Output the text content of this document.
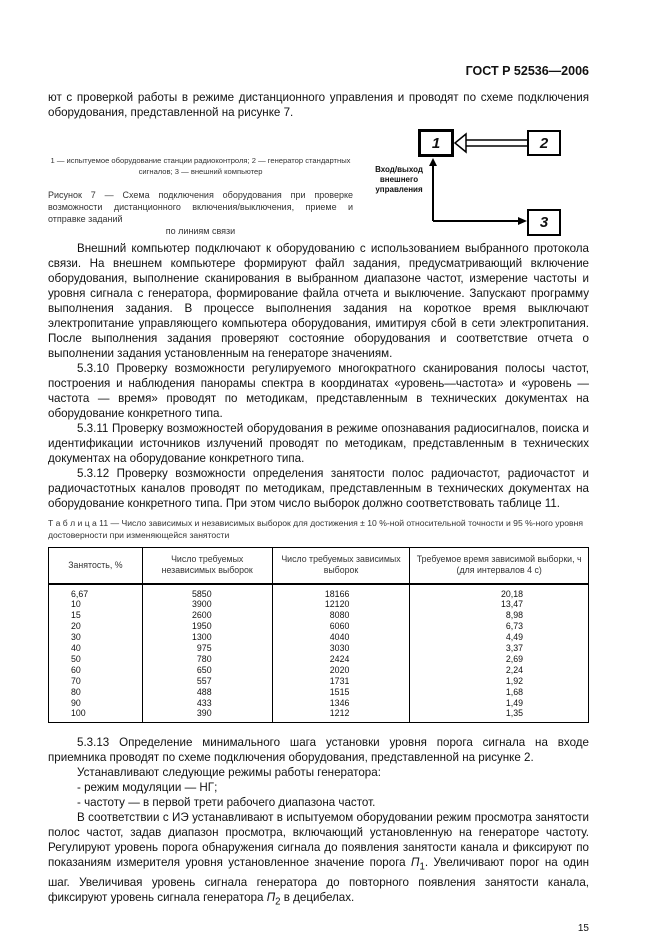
ГОСТ Р 52536—2006
ют с проверкой работы в режиме дистанционного управления и проводят по схеме подключения оборудования, представленной на рисунке 7.
1 — испытуемое оборудование станции радиоконтроля; 2 — генератор стандартных сигналов; 3 — внешний компьютер
Рисунок 7 — Схема подключения оборудования при проверке возможности дистанционного включения/выключения, приеме и отправке заданий
по линиям связи
1	2
3
Вход/выход внешнего управления

Внешний компьютер подключают к оборудованию с использованием выбранного протокола связи. На внешнем компьютере формируют файл задания, предусматривающий включение оборудования, выполнение сканирования в выбранном диапазоне частот, измерение частоты и уровня сигнала с генератора, формирование файла отчета и выключение. Запускают программу выполнения задания. В процессе выполнения задания на короткое время выключают электропитание управляющего компьютера оборудования, имитируя сбой в сети электропитания. После выполнения задания проверяют состояние оборудования и соответствие отчета о выполнении задания установленным на генераторе значениям.

5.3.10 Проверку возможности регулируемого многократного сканирования полосы частот, построения и наблюдения панорамы спектра в координатах «уровень—частота» и «уровень — частота — время» проводят по методикам, представленным в технических документах на оборудование конкретного типа.

5.3.11 Проверку возможностей оборудования в режиме опознавания радиосигналов, поиска и идентификации источников излучений проводят по методикам, представленным в технических документах на оборудование конкретного типа.

5.3.12 Проверку возможности определения занятости полос радиочастот, радиочастот и радиочастотных каналов проводят по методикам, представленным в технических документах на оборудование конкретного типа. При этом число выборок должно соответствовать таблице 11.

Т а б л и ц а 11 — Число зависимых и независимых выборок для достижения ± 10 %-ной относительной точности и 95 %-ного уровня достоверности при изменяющейся занятости
Занятость, %	Число требуемых независимых выборок	Число требуемых зависимых выборок	Требуемое время зависимой выборки, ч (для интервалов 4 с)
6,67	5850	18166	20,18
10	3900	12120	13,47
15	2600	8080	8,98
20	1950	6060	6,73
30	1300	4040	4,49
40	975	3030	3,37
50	780	2424	2,69
60	650	2020	2,24
70	557	1731	1,92
80	488	1515	1,68
90	433	1346	1,49
100	390	1212	1,35

5.3.13 Определение минимального шага установки уровня порога сигнала на входе приемника проводят по схеме подключения оборудования, представленной на рисунке 2.

Устанавливают следующие режимы работы генератора:

- режим модуляции — НГ;

- частоту — в первой трети рабочего диапазона частот.

В соответствии с ИЭ устанавливают в испытуемом оборудовании режим просмотра занятости полос частот, задав диапазон просмотра, включающий установленную на генераторе частоту. Регулируют уровень порога обнаружения сигнала до появления занятости канала и фиксируют по показаниям измерителя уровня установленное значение порога $П_1$. Увеличивают порог на один шаг. Увеличивая уровень сигнала генератора до повторного появления занятости канала, фиксируют уровень сигнала генератора $П_2$ в децибелах.

15
